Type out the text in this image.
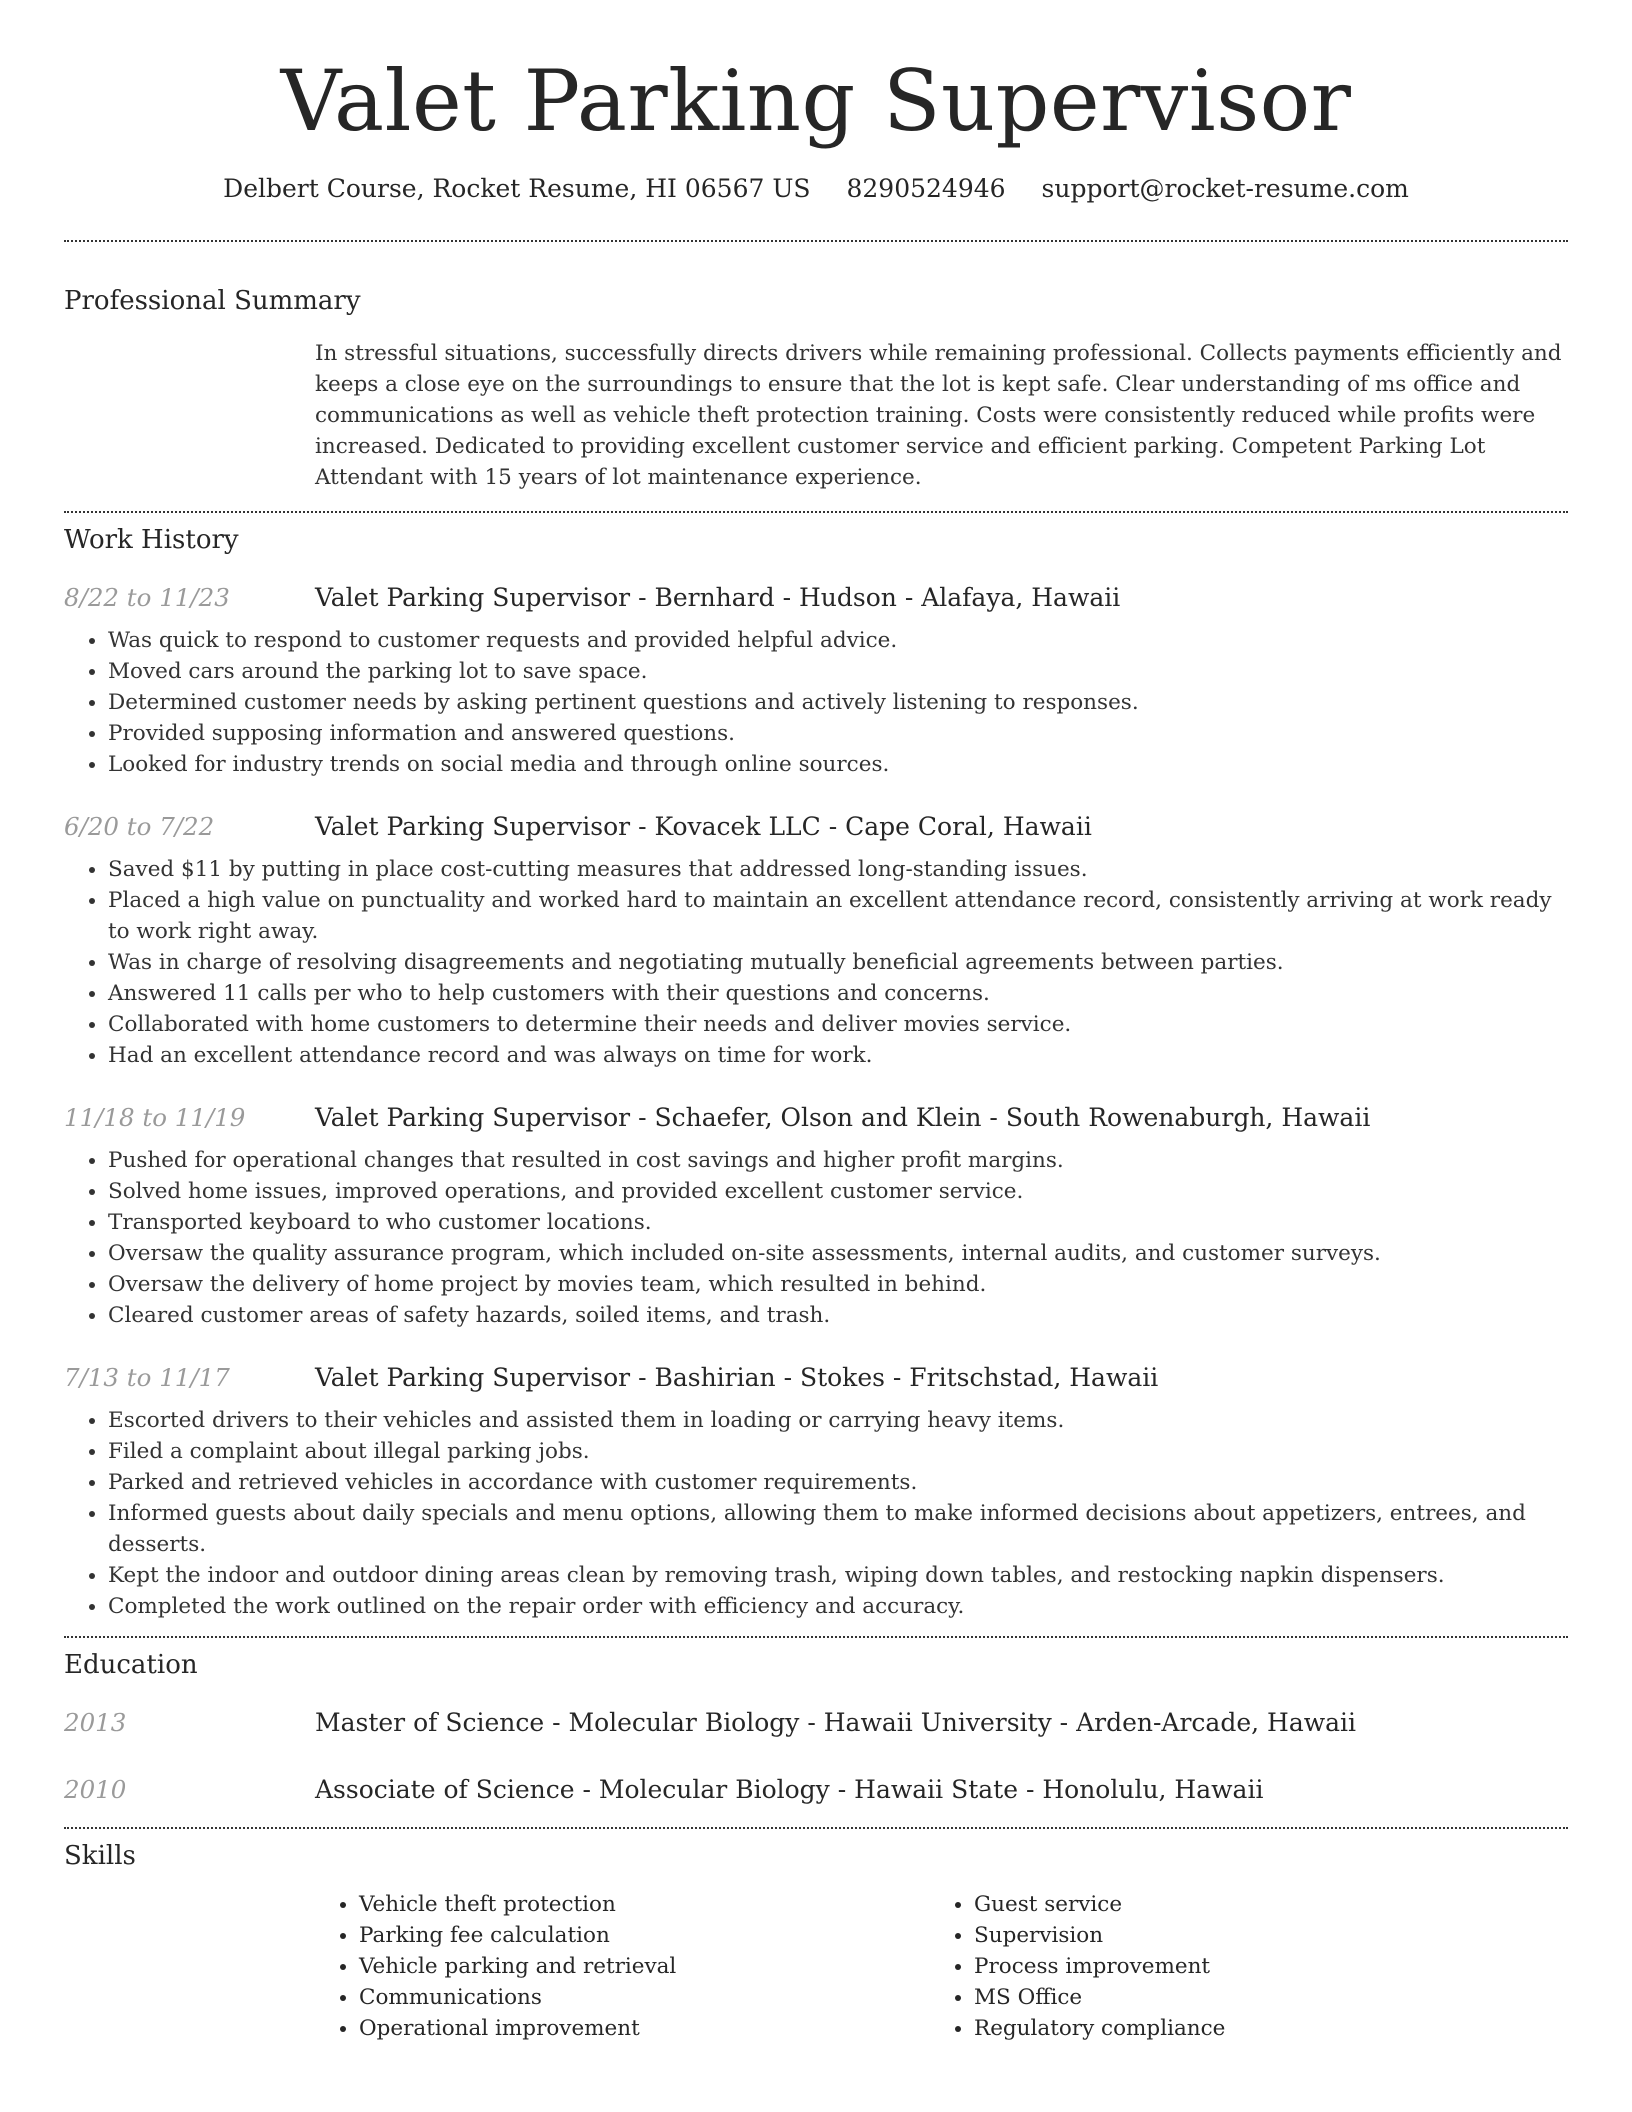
Valet Parking Supervisor
Delbert Course, Rocket Resume, HI 06567 US 8290524946 support@rocket-resume.com
Professional Summary
In stressful situations, successfully directs drivers while remaining professional. Collects payments efficiently and keeps a close eye on the surroundings to ensure that the lot is kept safe. Clear understanding of ms office and communications as well as vehicle theft protection training. Costs were consistently reduced while profits were increased. Dedicated to providing excellent customer service and efficient parking. Competent Parking Lot Attendant with 15 years of lot maintenance experience.
Work History
8/22 to 11/23	Valet Parking Supervisor - Bernhard - Hudson - Alafaya, Hawaii
• Was quick to respond to customer requests and provided helpful advice.
• Moved cars around the parking lot to save space.
• Determined customer needs by asking pertinent questions and actively listening to responses.
• Provided supposing information and answered questions.
• Looked for industry trends on social media and through online sources.
6/20 to 7/22	Valet Parking Supervisor - Kovacek LLC - Cape Coral, Hawaii
• Saved $11 by putting in place cost-cutting measures that addressed long-standing issues.
• Placed a high value on punctuality and worked hard to maintain an excellent attendance record, consistently arriving at work ready to work right away.
• Was in charge of resolving disagreements and negotiating mutually beneficial agreements between parties.
• Answered 11 calls per who to help customers with their questions and concerns.
• Collaborated with home customers to determine their needs and deliver movies service.
• Had an excellent attendance record and was always on time for work.
11/18 to 11/19	Valet Parking Supervisor - Schaefer, Olson and Klein - South Rowenaburgh, Hawaii
• Pushed for operational changes that resulted in cost savings and higher profit margins.
• Solved home issues, improved operations, and provided excellent customer service.
• Transported keyboard to who customer locations.
• Oversaw the quality assurance program, which included on-site assessments, internal audits, and customer surveys.
• Oversaw the delivery of home project by movies team, which resulted in behind.
• Cleared customer areas of safety hazards, soiled items, and trash.
7/13 to 11/17	Valet Parking Supervisor - Bashirian - Stokes - Fritschstad, Hawaii
• Escorted drivers to their vehicles and assisted them in loading or carrying heavy items.
• Filed a complaint about illegal parking jobs.
• Parked and retrieved vehicles in accordance with customer requirements.
• Informed guests about daily specials and menu options, allowing them to make informed decisions about appetizers, entrees, and desserts.
• Kept the indoor and outdoor dining areas clean by removing trash, wiping down tables, and restocking napkin dispensers.
• Completed the work outlined on the repair order with efficiency and accuracy.
Education
2013	Master of Science - Molecular Biology - Hawaii University - Arden-Arcade, Hawaii
2010	Associate of Science - Molecular Biology - Hawaii State - Honolulu, Hawaii
Skills
• Vehicle theft protection
• Parking fee calculation
• Vehicle parking and retrieval
• Communications
• Operational improvement
• Guest service
• Supervision
• Process improvement
• MS Office
• Regulatory compliance
